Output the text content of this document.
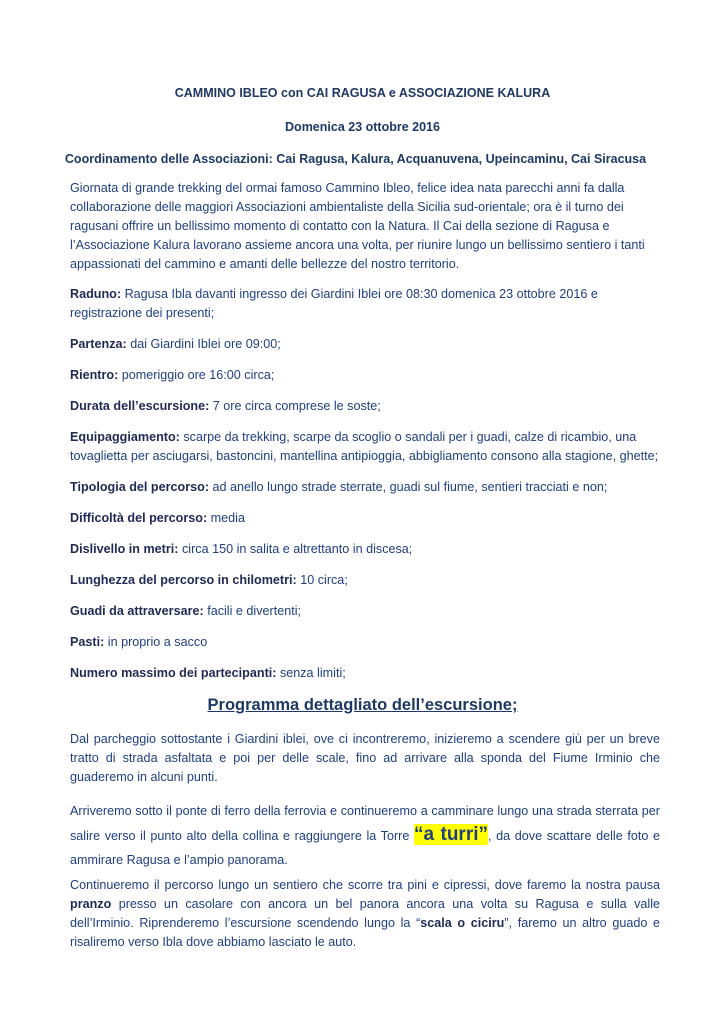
CAMMINO IBLEO con CAI RAGUSA e ASSOCIAZIONE KALURA
Domenica 23 ottobre 2016
Coordinamento delle Associazioni: Cai Ragusa, Kalura, Acquanuvena, Upeincaminu, Cai Siracusa

Giornata di grande trekking del ormai famoso Cammino Ibleo, felice idea nata parecchi anni fa dalla collaborazione delle maggiori Associazioni ambientaliste della Sicilia sud-orientale; ora è il turno dei ragusani offrire un bellissimo momento di contatto con la Natura. Il Cai della sezione di Ragusa e l’Associazione Kalura lavorano assieme ancora una volta, per riunire lungo un bellissimo sentiero i tanti appassionati del cammino e amanti delle bellezze del nostro territorio.

Raduno: Ragusa Ibla davanti ingresso dei Giardini Iblei ore 08:30 domenica 23 ottobre 2016 e registrazione dei presenti;

Partenza: dai Giardini Iblei ore 09:00;

Rientro: pomeriggio ore 16:00 circa;

Durata dell’escursione: 7 ore circa comprese le soste;

Equipaggiamento: scarpe da trekking, scarpe da scoglio o sandali per i guadi, calze di ricambio, una tovaglietta per asciugarsi, bastoncini, mantellina antipioggia, abbigliamento consono alla stagione, ghette;

Tipologia del percorso: ad anello lungo strade sterrate, guadi sul fiume, sentieri tracciati e non;

Difficoltà del percorso: media

Dislivello in metri: circa 150 in salita e altrettanto in discesa;

Lunghezza del percorso in chilometri: 10 circa;

Guadi da attraversare: facili e divertenti;

Pasti: in proprio a sacco

Numero massimo dei partecipanti: senza limiti;

Programma dettagliato dell’escursione;

Dal parcheggio sottostante i Giardini iblei, ove ci incontreremo, inizieremo a scendere giù per un breve tratto di strada asfaltata e poi per delle scale, fino ad arrivare alla sponda del Fiume Irminio che guaderemo in alcuni punti.

Arriveremo sotto il ponte di ferro della ferrovia e continueremo a camminare lungo una strada sterrata per salire verso il punto alto della collina e raggiungere la Torre “a turri”, da dove scattare delle foto e ammirare Ragusa e l’ampio panorama.

Continueremo il percorso lungo un sentiero che scorre tra pini e cipressi, dove faremo la nostra pausa pranzo presso un casolare con ancora un bel panora ancora una volta su Ragusa e sulla valle dell’Irminio. Riprenderemo l’escursione scendendo lungo la “scala o ciciru”, faremo un altro guado e risaliremo verso Ibla dove abbiamo lasciato le auto.
